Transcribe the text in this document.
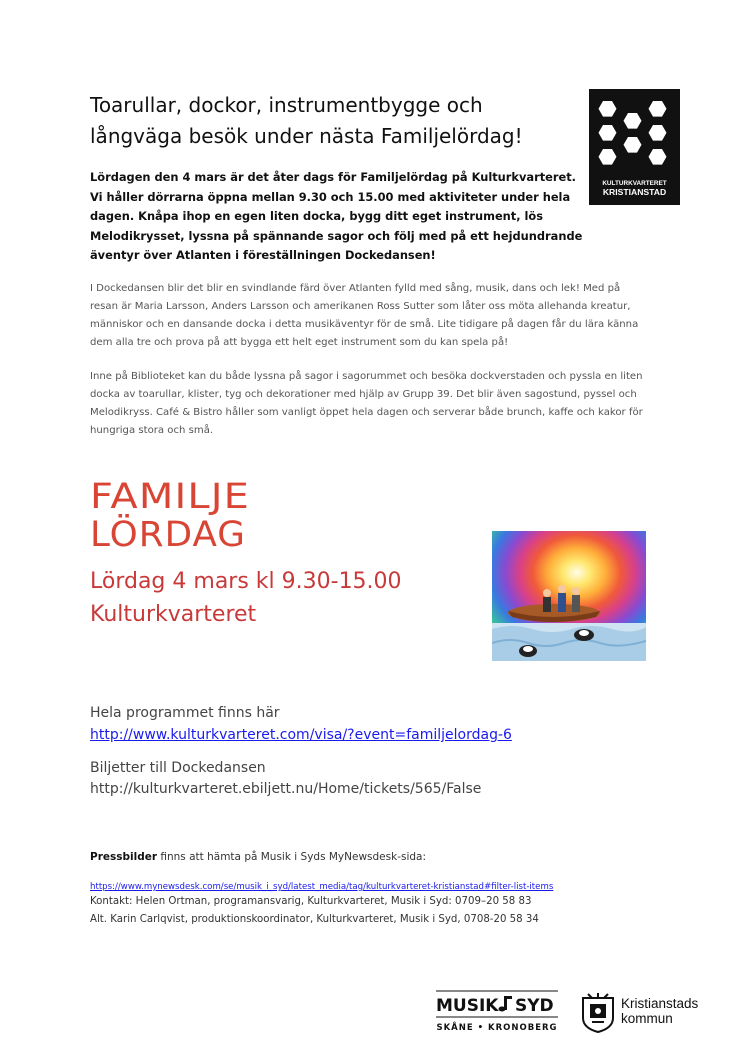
Toarullar, dockor, instrumentbygge och
långväga besök under nästa Familjelördag!
KULTURKVARTERET
KRISTIANSTAD
Lördagen den 4 mars är det åter dags för Familjelördag på Kulturkvarteret. Vi håller dörrarna öppna mellan 9.30 och 15.00 med aktiviteter under hela dagen. Knåpa ihop en egen liten docka, bygg ditt eget instrument, lös Melodikrysset, lyssna på spännande sagor och följ med på ett hejdundrande äventyr över Atlanten i föreställningen Dockedansen!
I Dockedansen blir det blir en svindlande färd över Atlanten fylld med sång, musik, dans och lek! Med på resan är Maria Larsson, Anders Larsson och amerikanen Ross Sutter som låter oss möta allehanda kreatur, människor och en dansande docka i detta musikäventyr för de små. Lite tidigare på dagen får du lära känna dem alla tre och prova på att bygga ett helt eget instrument som du kan spela på!
Inne på Biblioteket kan du både lyssna på sagor i sagorummet och besöka dockverstaden och pyssla en liten docka av toarullar, klister, tyg och dekorationer med hjälp av Grupp 39. Det blir även sagostund, pyssel och Melodikryss. Café & Bistro håller som vanligt öppet hela dagen och serverar både brunch, kaffe och kakor för hungriga stora och små.
FAMILJE
LÖRDAG
Lördag 4 mars kl 9.30-15.00
Kulturkvarteret
Hela programmet finns här
http://www.kulturkvarteret.com/visa/?event=familjelordag-6
Biljetter till Dockedansen
http://kulturkvarteret.ebiljett.nu/Home/tickets/565/False
Pressbilder finns att hämta på Musik i Syds MyNewsdesk-sida:
https://www.mynewsdesk.com/se/musik_i_syd/latest_media/tag/kulturkvarteret-kristianstad#filter-list-items
Kontakt: Helen Ortman, programansvarig, Kulturkvarteret, Musik i Syd: 0709–20 58 83
Alt. Karin Carlqvist, produktionskoordinator, Kulturkvarteret, Musik i Syd, 0708-20 58 34
MUSIK SYD
SKÅNE • KRONOBERG
Kristianstads
kommun
